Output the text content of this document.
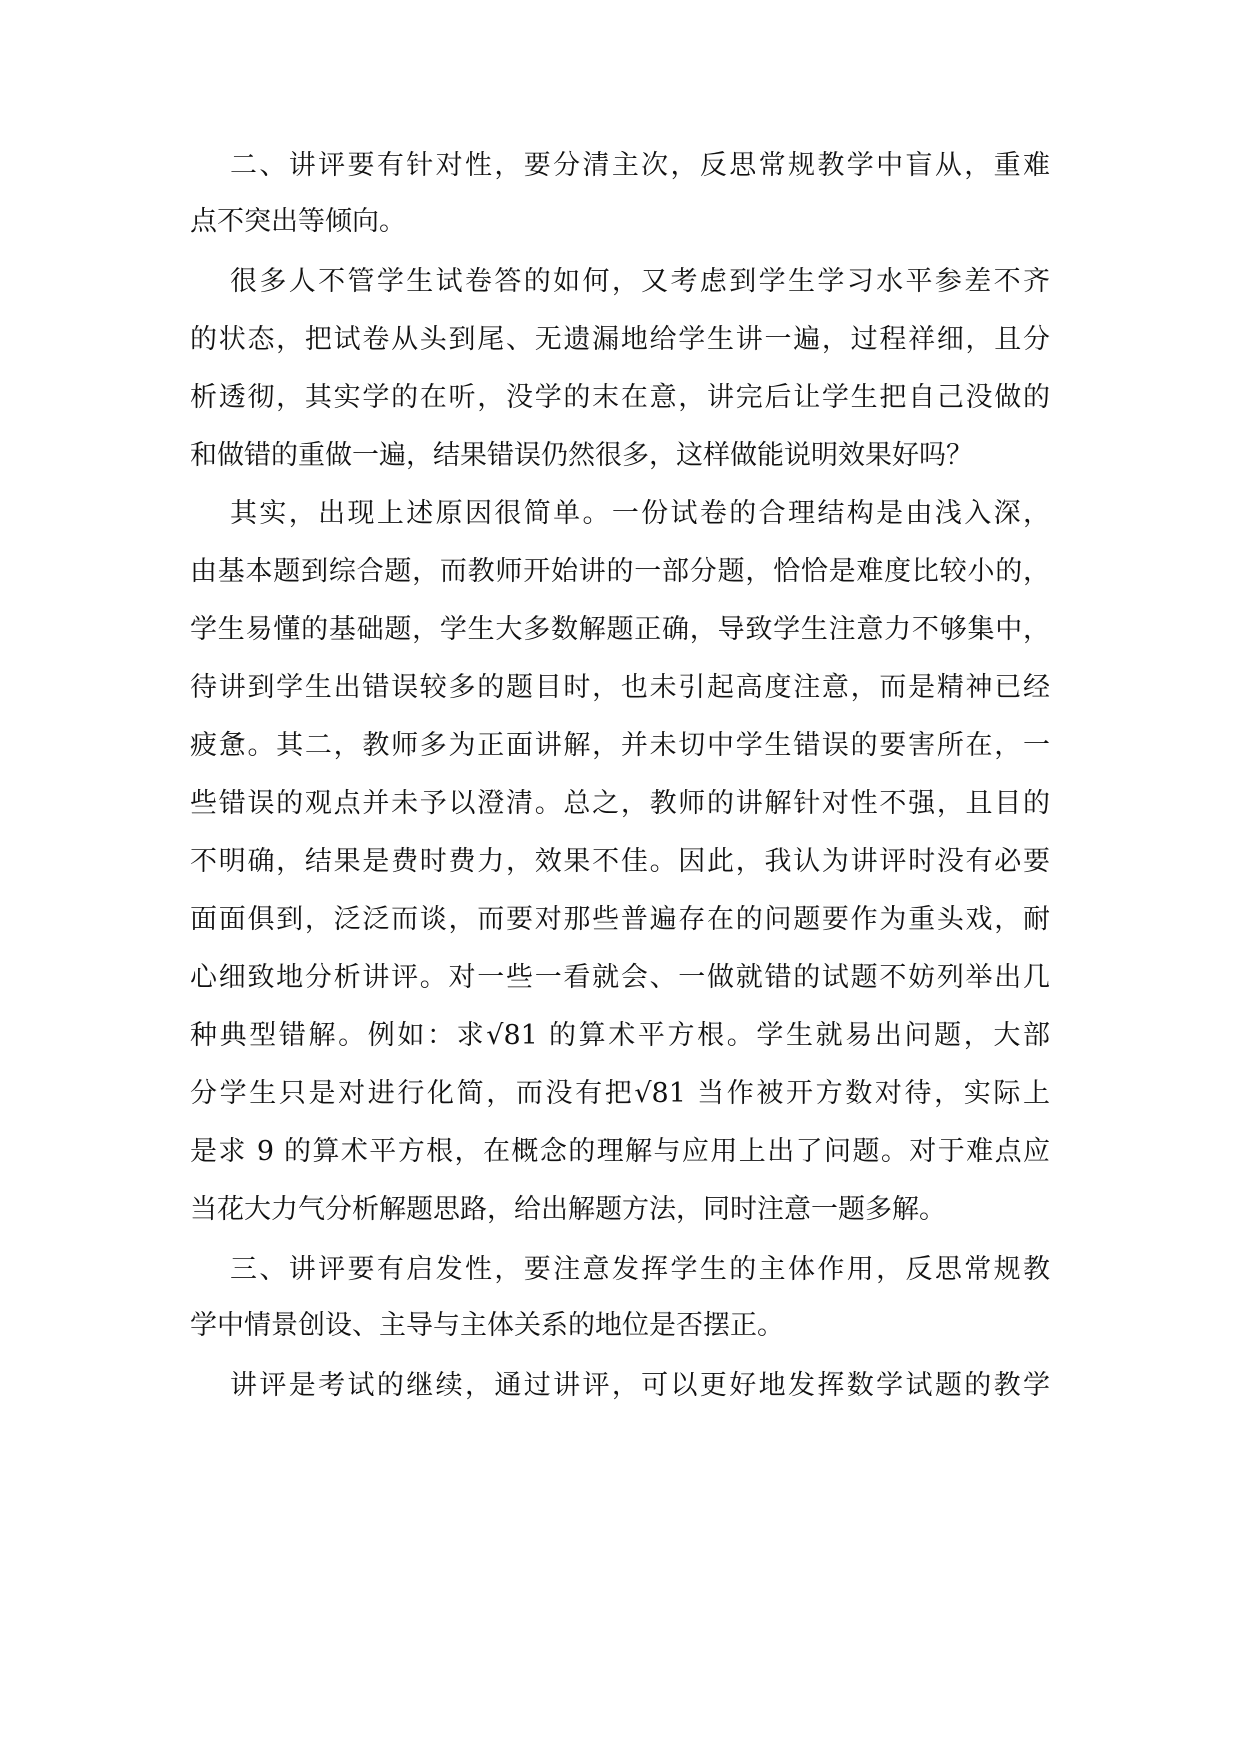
二、讲评要有针对性，要分清主次，反思常规教学中盲从，重难

点不突出等倾向。

很多人不管学生试卷答的如何，又考虑到学生学习水平参差不齐

的状态，把试卷从头到尾、无遗漏地给学生讲一遍，过程祥细，且分

析透彻，其实学的在听，没学的末在意，讲完后让学生把自己没做的

和做错的重做一遍，结果错误仍然很多，这样做能说明效果好吗？

其实，出现上述原因很简单。一份试卷的合理结构是由浅入深，

由基本题到综合题，而教师开始讲的一部分题，恰恰是难度比较小的，

学生易懂的基础题，学生大多数解题正确，导致学生注意力不够集中，

待讲到学生出错误较多的题目时，也未引起高度注意，而是精神已经

疲惫。其二，教师多为正面讲解，并未切中学生错误的要害所在，一

些错误的观点并未予以澄清。总之，教师的讲解针对性不强，且目的

不明确，结果是费时费力，效果不佳。因此，我认为讲评时没有必要

面面俱到，泛泛而谈，而要对那些普遍存在的问题要作为重头戏，耐

心细致地分析讲评。对一些一看就会、一做就错的试题不妨列举出几

种典型错解。例如：求√81 的算术平方根。学生就易出问题，大部

分学生只是对进行化简，而没有把√81 当作被开方数对待，实际上

是求 9 的算术平方根，在概念的理解与应用上出了问题。对于难点应

当花大力气分析解题思路，给出解题方法，同时注意一题多解。

三、讲评要有启发性，要注意发挥学生的主体作用，反思常规教

学中情景创设、主导与主体关系的地位是否摆正。

讲评是考试的继续，通过讲评，可以更好地发挥数学试题的教学
